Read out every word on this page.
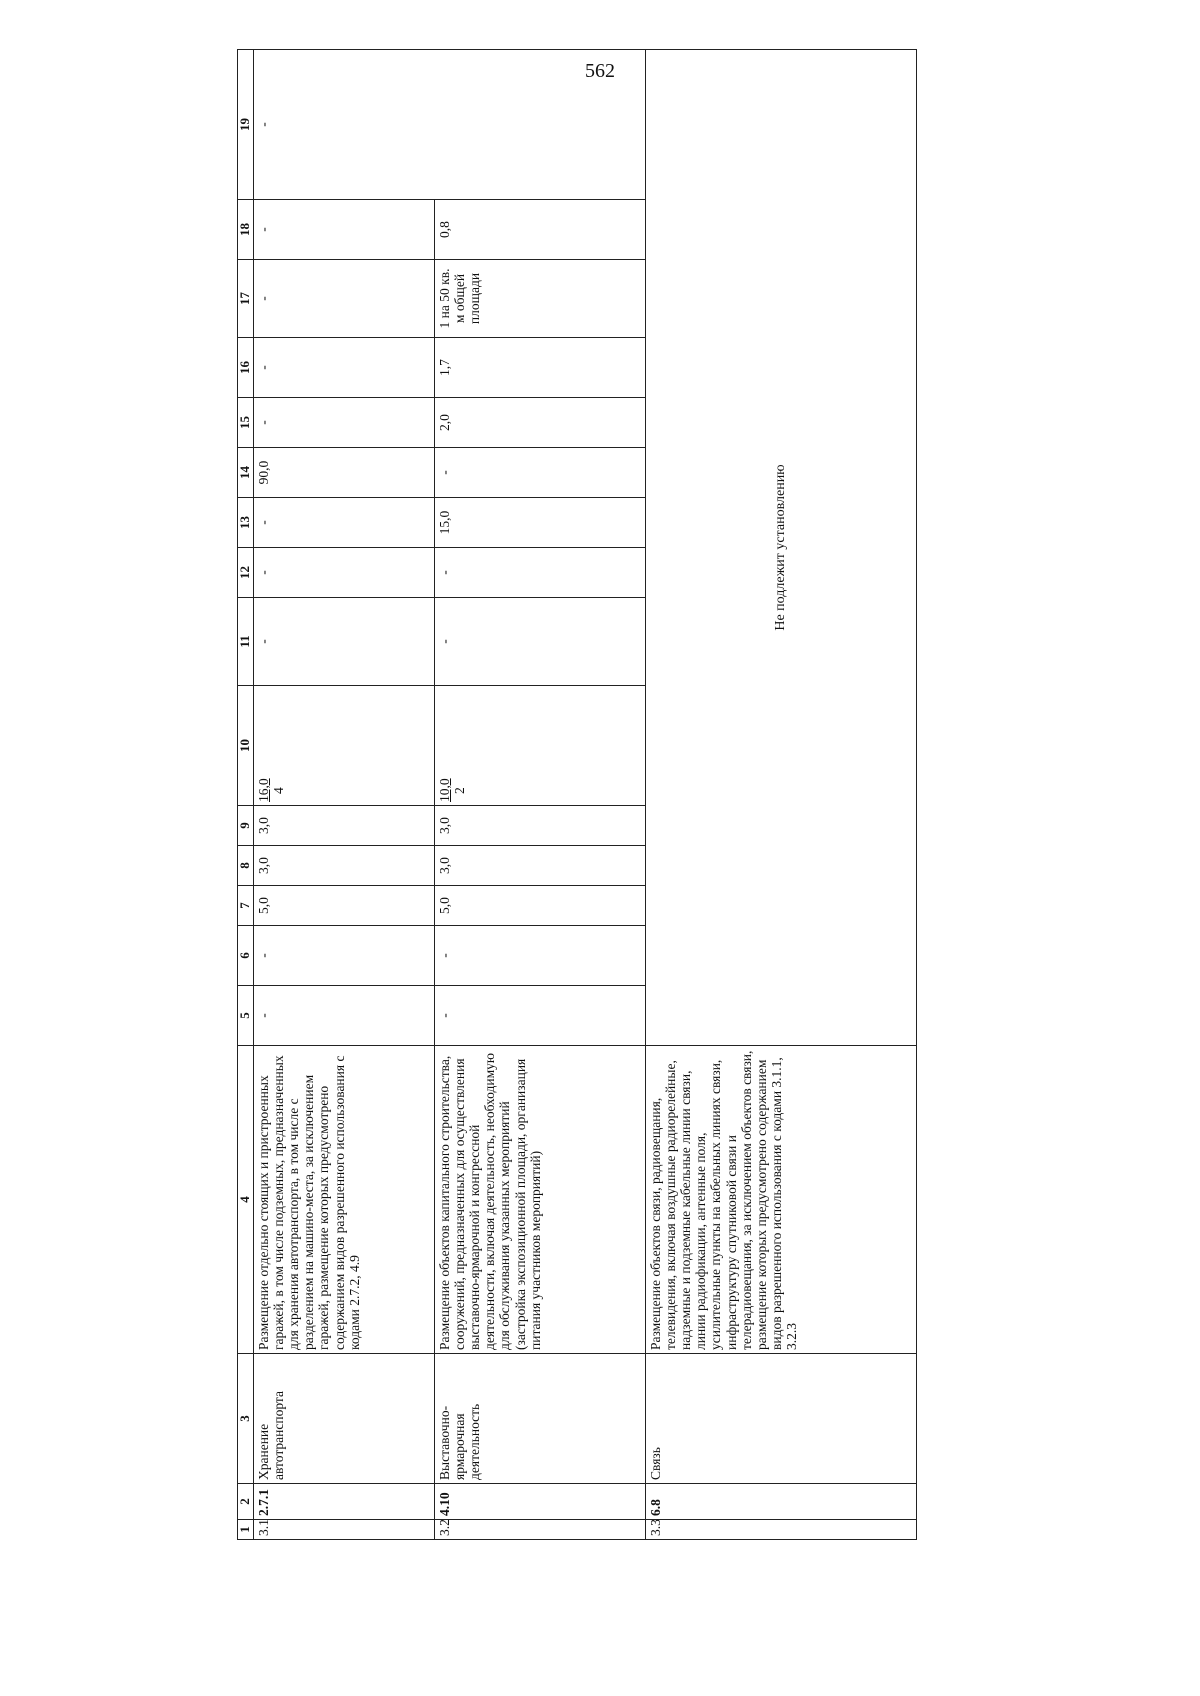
562
1	2	3	4	5	6	7	8	9	10	11	12	13	14	15	16	17	18	19
3.1	2.7.1	Хранение автотранспорта	Размещение отдельно стоящих и пристроенных гаражей, в том числе подземных, предназначенных для хранения автотранспорта, в том числе с разделением на машино-места, за исключением гаражей, размещение которых предусмотрено содержанием видов разрешенного использования с кодами 2.7.2, 4.9	-	-	5,0	3,0	3,0	16,0 4	-	-	-	90,0	-	-	-	-	-
3.2	4.10	Выставочно-ярмарочная деятельность	Размещение объектов капитального строительства, сооружений, предназначенных для осуществления выставочно-ярмарочной и конгрессной деятельности, включая деятельность, необходимую для обслуживания указанных мероприятий (застройка экспозиционной площади, организация питания участников мероприятий)	-	-	5,0	3,0	3,0	10,0 2	-	-	15,0	-	2,0	1,7	1 на 50 кв. м общей площади	0,8	
3.3	6.8	Связь	Размещение объектов связи, радиовещания, телевидения, включая воздушные радиорелейные, надземные и подземные кабельные линии связи, линии радиофикации, антенные поля, усилительные пункты на кабельных линиях связи, инфраструктуру спутниковой связи и телерадиовещания, за исключением объектов связи, размещение которых предусмотрено содержанием видов разрешенного использования с кодами 3.1.1, 3.2.3	Не подлежит установлению														
